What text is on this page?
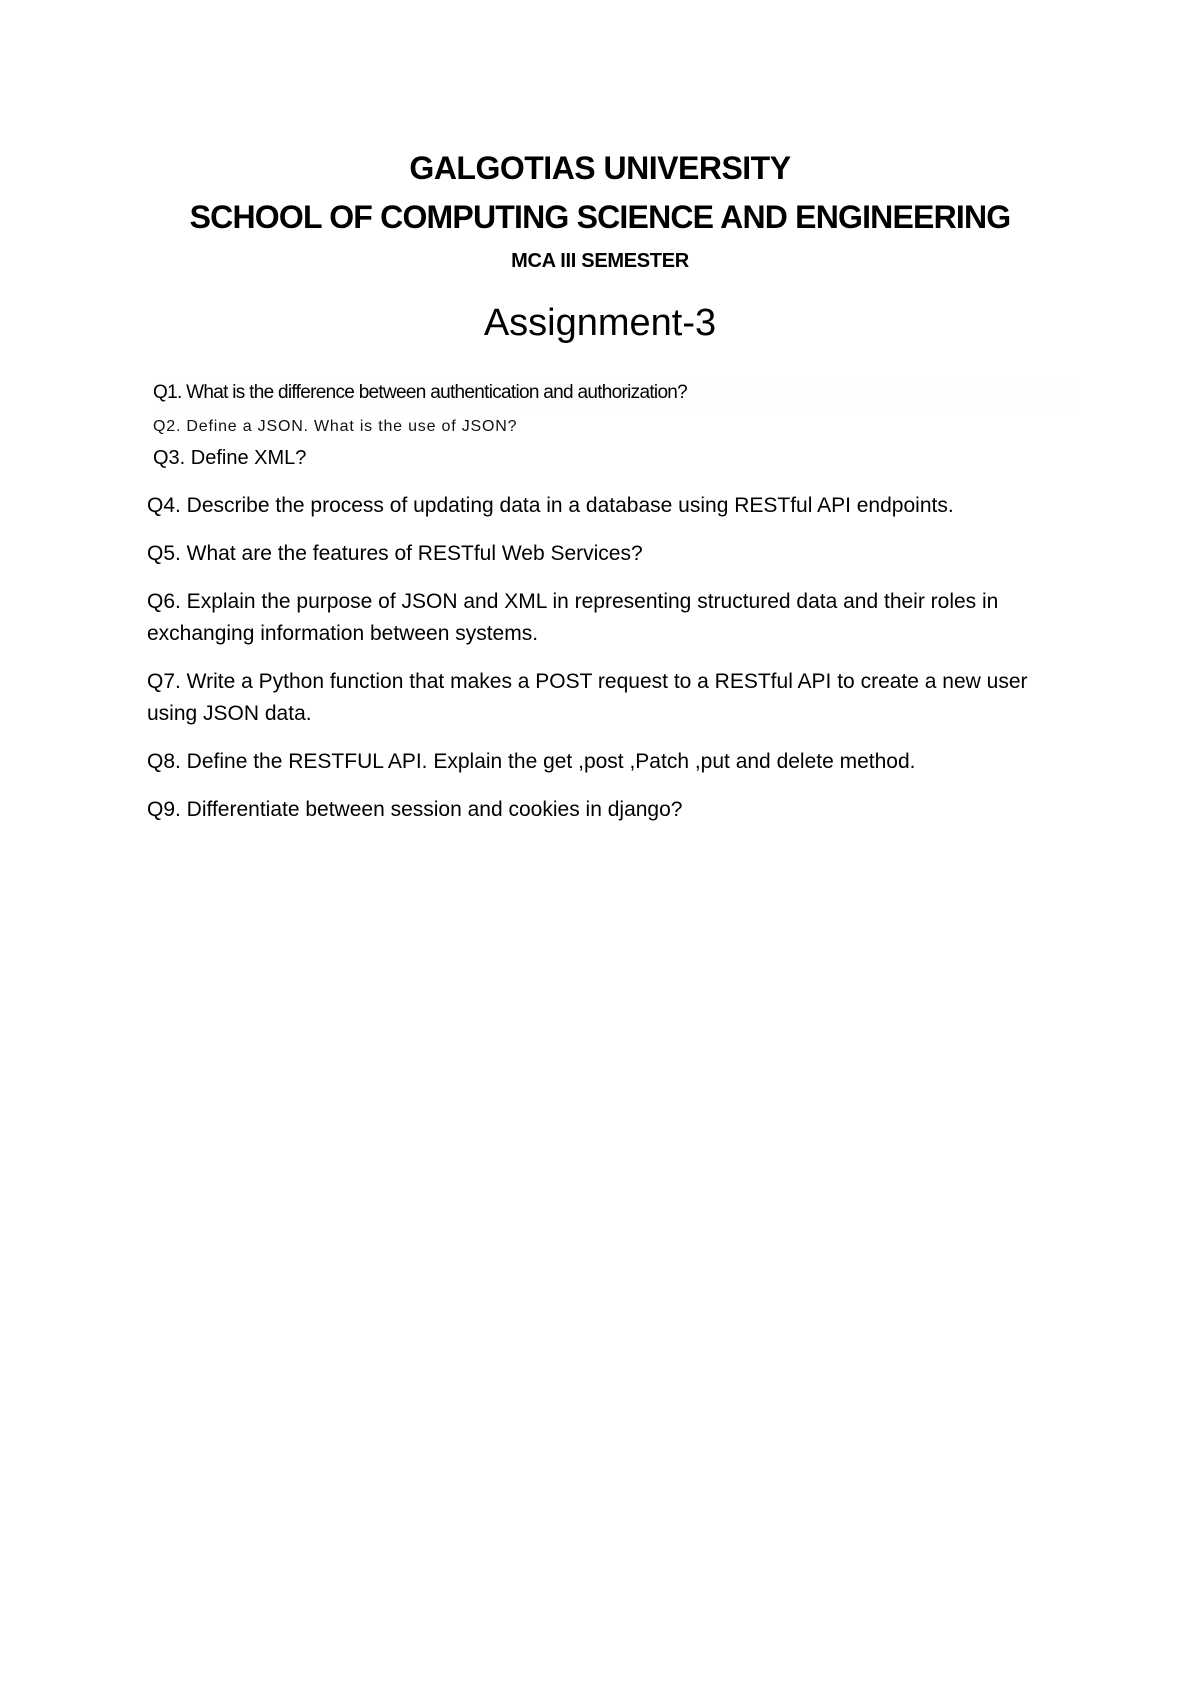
GALGOTIAS UNIVERSITY
SCHOOL OF COMPUTING SCIENCE AND ENGINEERING
MCA III SEMESTER
Assignment-3
Q1. What is the difference between authentication and authorization?
Q2. Define a JSON. What is the use of JSON?
Q3. Define XML?
Q4. Describe the process of updating data in a database using RESTful API endpoints.
Q5. What are the features of RESTful Web Services?
Q6. Explain the purpose of JSON and XML in representing structured data and their roles in exchanging information between systems.
Q7. Write a Python function that makes a POST request to a RESTful API to create a new user using JSON data.
Q8. Define the RESTFUL API. Explain the get ,post ,Patch ,put and delete method.
Q9. Differentiate between session and cookies in django?
